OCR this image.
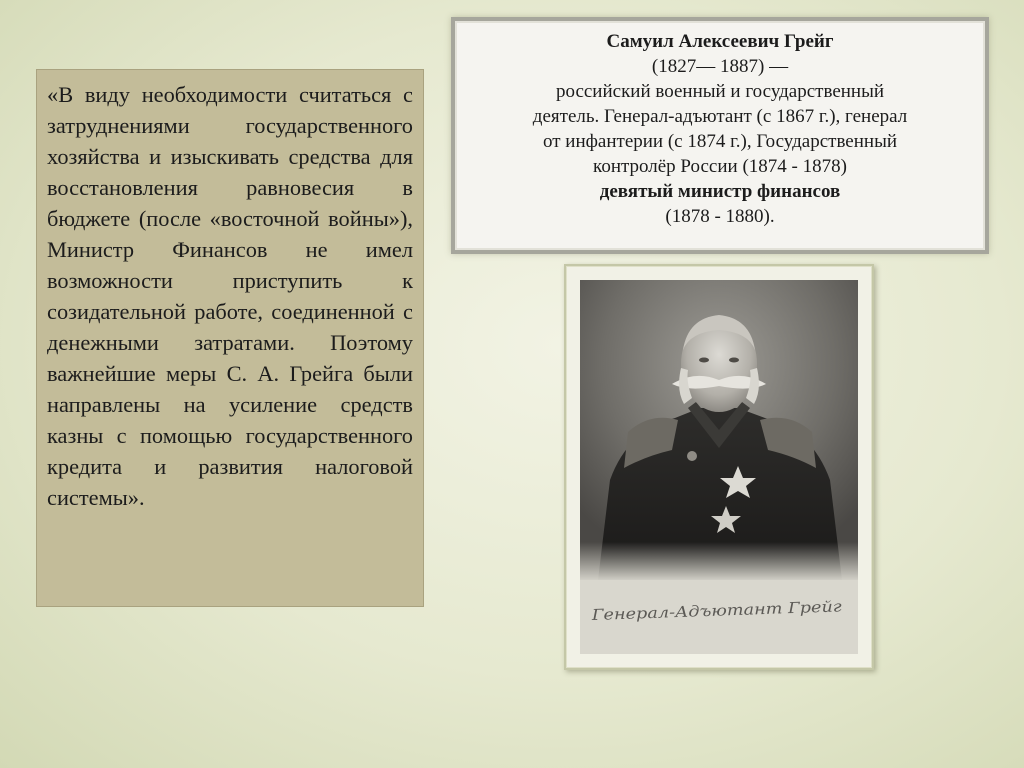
«В виду необходимости считаться с затруднениями государственного хозяйства и изыскивать средства для восстановления равновесия в бюджете (после «восточной войны»), Министр Финансов не имел возможности приступить к созидательной работе, соединенной с денежными затратами. Поэтому важнейшие меры С. А. Грейга были направлены на усиление средств казны с помощью государственного кредита и развития налоговой системы».

Самуил Алексеевич Грейг
(1827— 1887) —
российский военный и государственный
деятель. Генерал-адъютант (с 1867 г.), генерал
от инфантерии (с 1874 г.), Государственный
контролёр России (1874 - 1878)
девятый министр финансов
(1878 - 1880).
Генерал-Адъютант Грейг
